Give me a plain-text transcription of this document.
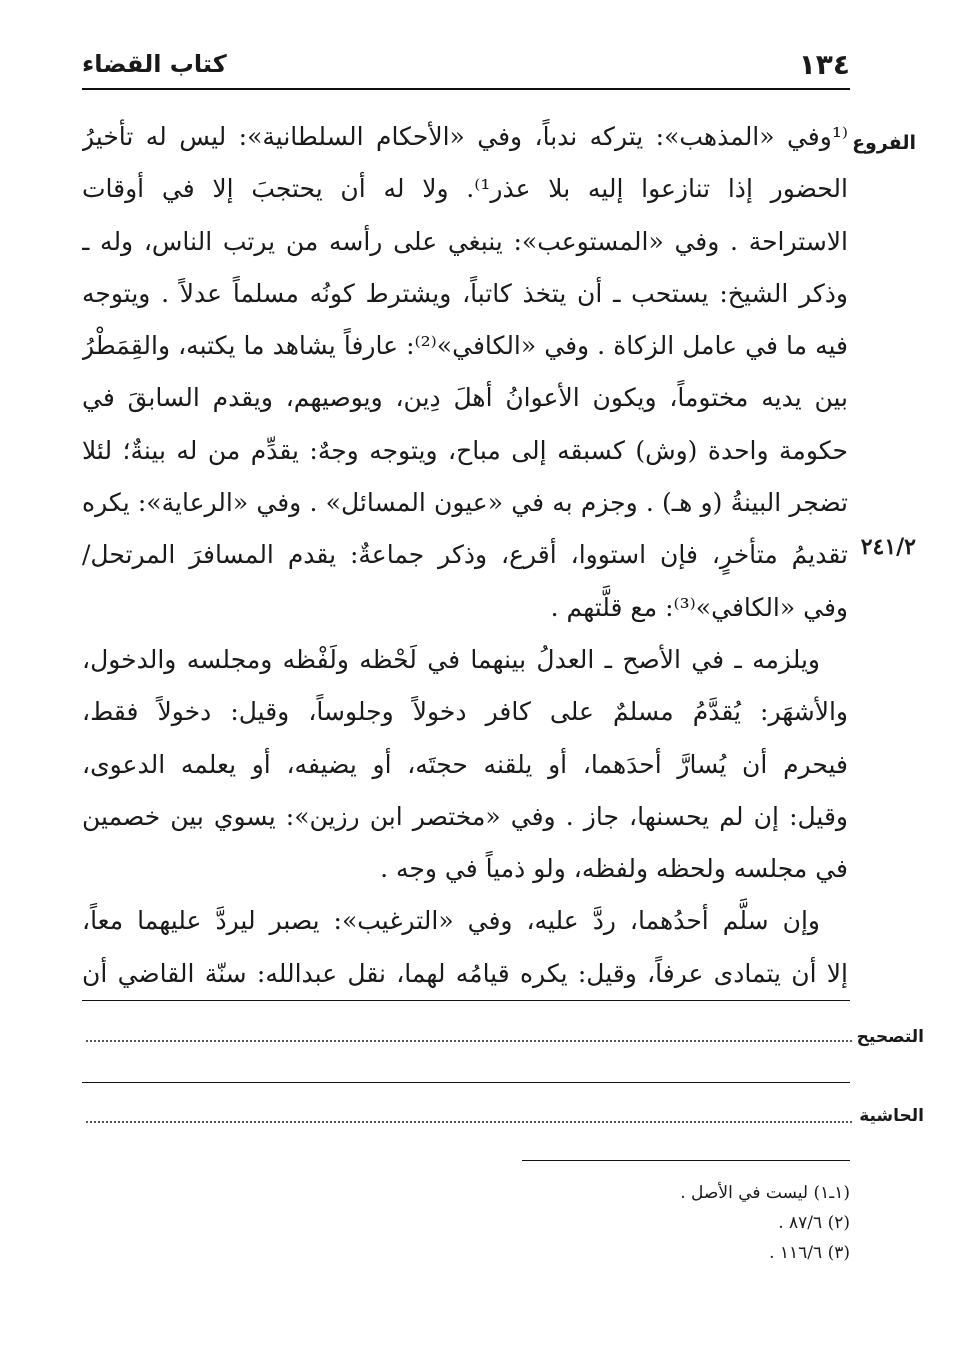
١٣٤
كتاب القضاء
الفروع
٢٤١/٢
⁽¹وفي «المذهب»: يتركه ندباً، وفي «الأحكام السلطانية»: ليس له تأخيرُ
الحضور إذا تنازعوا إليه بلا عذر¹⁾. ولا له أن يحتجبَ إلا في أوقات
الاستراحة . وفي «المستوعب»: ينبغي على رأسه من يرتب الناس، وله ـ
وذكر الشيخ: يستحب ـ أن يتخذ كاتباً، ويشترط كونُه مسلماً عدلاً . ويتوجه
فيه ما في عامل الزكاة . وفي «الكافي»⁽²⁾: عارفاً يشاهد ما يكتبه، والقِمَطْرُ
بين يديه مختوماً، ويكون الأعوانُ أهلَ دِين، ويوصيهم، ويقدم السابقَ في
حكومة واحدة (وش) كسبقه إلى مباح، ويتوجه وجهٌ: يقدِّم من له بينةٌ؛ لئلا
تضجر البينةُ (و هـ) . وجزم به في «عيون المسائل» . وفي «الرعاية»: يكره
تقديمُ متأخرٍ، فإن استووا، أقرع، وذكر جماعةٌ: يقدم المسافرَ المرتحل/
وفي «الكافي»⁽³⁾: مع قلَّتهم .
ويلزمه ـ في الأصح ـ العدلُ بينهما في لَحْظه ولَفْظه ومجلسه والدخول،
والأشهَر: يُقدَّمُ مسلمٌ على كافر دخولاً وجلوساً، وقيل: دخولاً فقط،
فيحرم أن يُسارَّ أحدَهما، أو يلقنه حجتَه، أو يضيفه، أو يعلمه الدعوى،
وقيل: إن لم يحسنها، جاز . وفي «مختصر ابن رزين»: يسوي بين خصمين
في مجلسه ولحظه ولفظه، ولو ذمياً في وجه .
وإن سلَّم أحدُهما، ردَّ عليه، وفي «الترغيب»: يصبر ليردَّ عليهما معاً،
إلا أن يتمادى عرفاً، وقيل: يكره قيامُه لهما، نقل عبدالله: سنّة القاضي أن
التصحيح
الحاشية
(١ـ١) ليست في الأصل .
(٢) ٨٧/٦ .
(٣) ١١٦/٦ .
